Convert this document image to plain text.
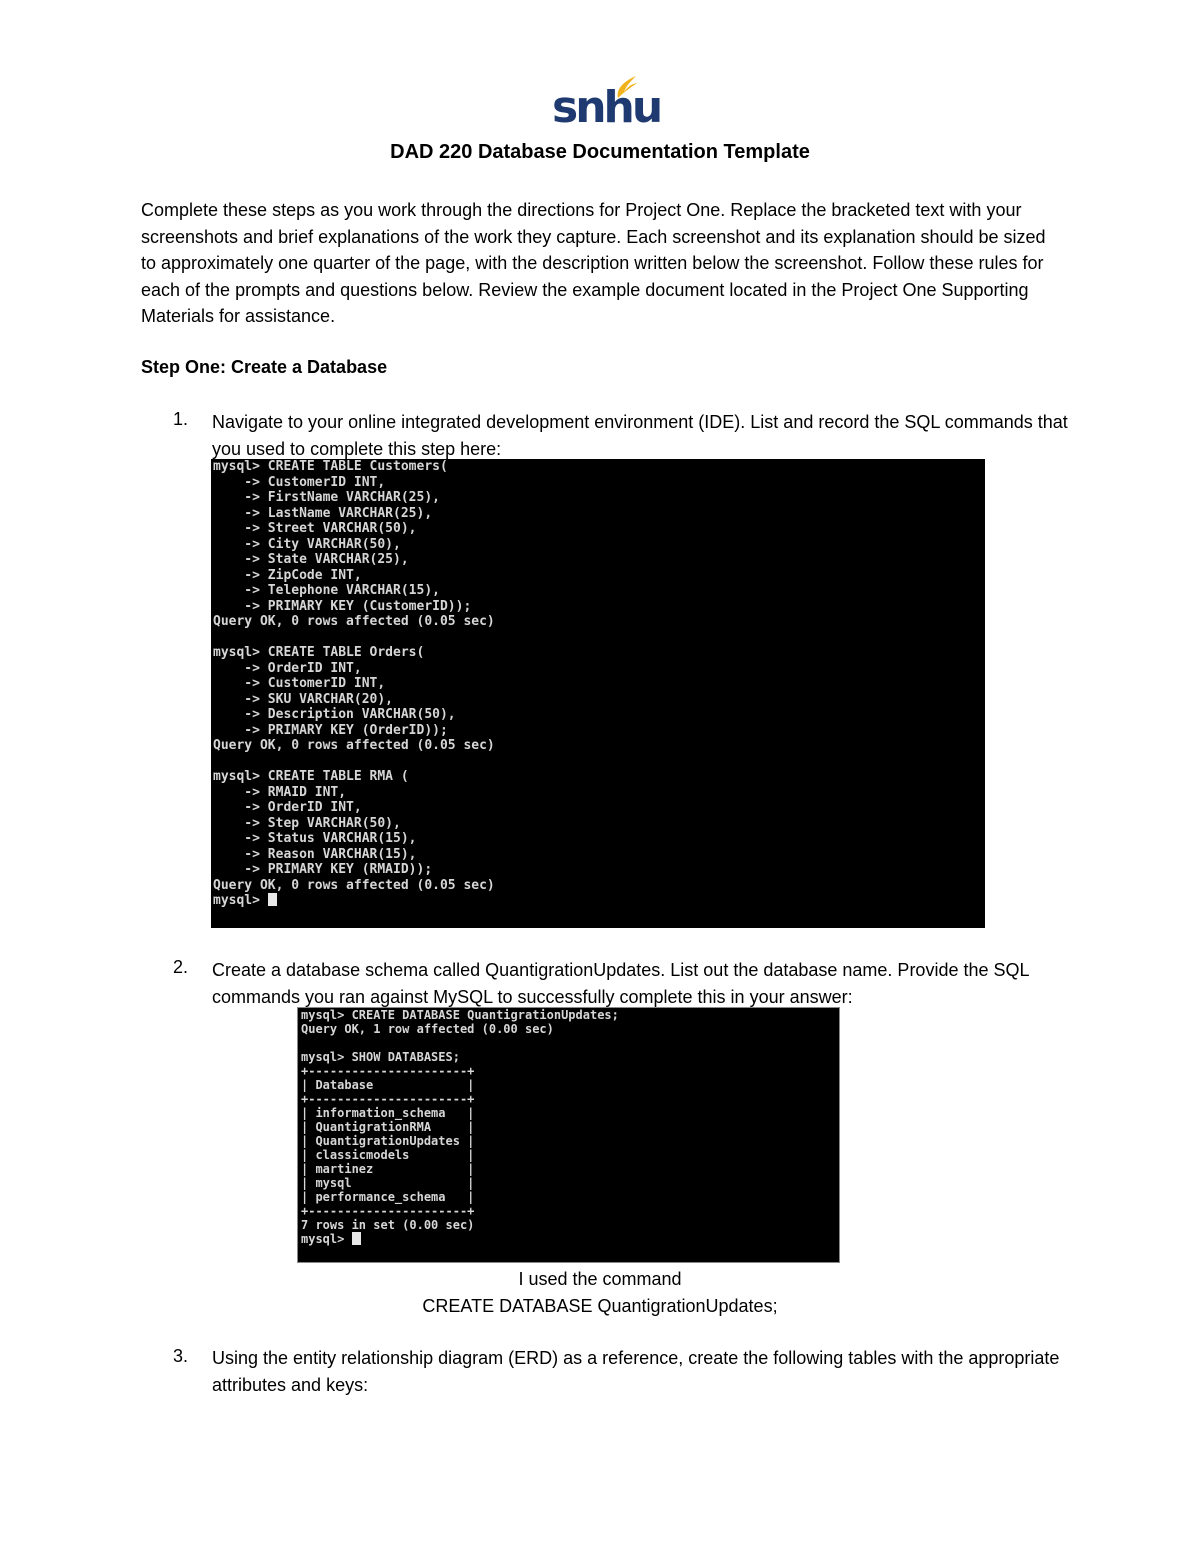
snhu
DAD 220 Database Documentation Template

Complete these steps as you work through the directions for Project One. Replace the bracketed text with your screenshots and brief explanations of the work they capture. Each screenshot and its explanation should be sized to approximately one quarter of the page, with the description written below the screenshot. Follow these rules for each of the prompts and questions below. Review the example document located in the Project One Supporting Materials for assistance.

Step One: Create a Database
1. Navigate to your online integrated development environment (IDE). List and record the SQL commands that you used to complete this step here:

mysql> CREATE TABLE Customers(
-> CustomerID INT,
-> FirstName VARCHAR(25),
-> LastName VARCHAR(25),
-> Street VARCHAR(50),
-> City VARCHAR(50),
-> State VARCHAR(25),
-> ZipCode INT,
-> Telephone VARCHAR(15),
-> PRIMARY KEY (CustomerID));
Query OK, 0 rows affected (0.05 sec)

mysql> CREATE TABLE Orders(
-> OrderID INT,
-> CustomerID INT,
-> SKU VARCHAR(20),
-> Description VARCHAR(50),
-> PRIMARY KEY (OrderID));
Query OK, 0 rows affected (0.05 sec)

mysql> CREATE TABLE RMA (
-> RMAID INT,
-> OrderID INT,
-> Step VARCHAR(50),
-> Status VARCHAR(15),
-> Reason VARCHAR(15),
-> PRIMARY KEY (RMAID));
Query OK, 0 rows affected (0.05 sec)
mysql>
2. Create a database schema called QuantigrationUpdates. List out the database name. Provide the SQL commands you ran against MySQL to successfully complete this in your answer:

mysql> CREATE DATABASE QuantigrationUpdates;
Query OK, 1 row affected (0.00 sec)

mysql> SHOW DATABASES;
+----------------------+
| Database             |
+----------------------+
| information_schema   |
| QuantigrationRMA     |
| QuantigrationUpdates |
| classicmodels        |
| martinez             |
| mysql                |
| performance_schema   |
+----------------------+
7 rows in set (0.00 sec)
mysql>
I used the command
CREATE DATABASE QuantigrationUpdates;
3. Using the entity relationship diagram (ERD) as a reference, create the following tables with the appropriate attributes and keys:
